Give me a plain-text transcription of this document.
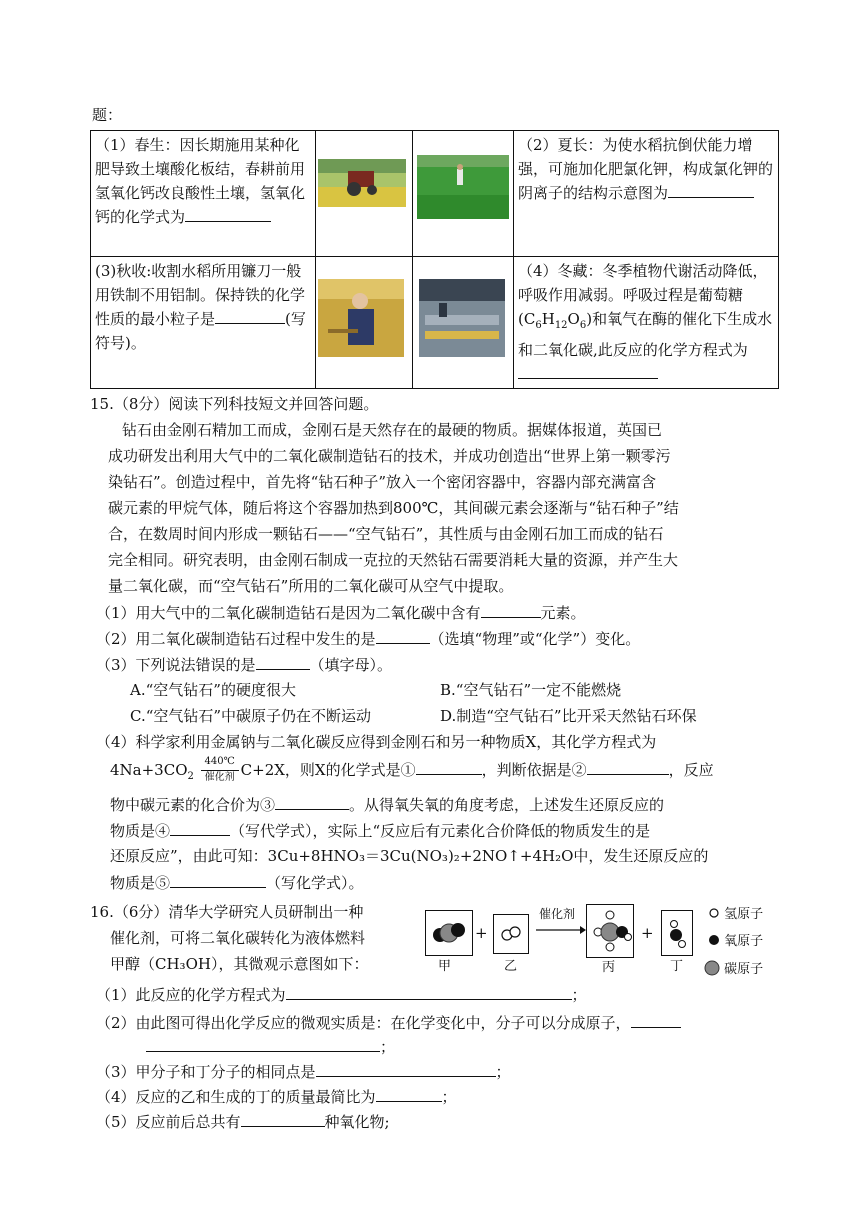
题：
（1）春生：因长期施用某种化肥导致土壤酸化板结，春耕前用氢氧化钙改良酸性土壤，氢氧化钙的化学式为			（2）夏长：为使水稻抗倒伏能力增强，可施加化肥氯化钾，构成氯化钾的阴离子的结构示意图为

(3)秋收:收割水稻所用镰刀一般用铁制不用铝制。保持铁的化学性质的最小粒子是 (写符号)。			（4）冬藏：冬季植物代谢活动降低，呼吸作用减弱。呼吸过程是葡萄糖$(C_6H_{12}O_6)$和氧气在酶的催化下生成水和二氧化碳,此反应的化学方程式为
15.（8分）阅读下列科技短文并回答问题。
钻石由金刚石精加工而成，金刚石是天然存在的最硬的物质。据媒体报道，英国已
成功研发出利用大气中的二氧化碳制造钻石的技术，并成功创造出“世界上第一颗零污
染钻石”。创造过程中，首先将“钻石种子”放入一个密闭容器中，容器内部充满富含
碳元素的甲烷气体，随后将这个容器加热到800℃，其间碳元素会逐渐与“钻石种子”结
合，在数周时间内形成一颗钻石——“空气钻石”，其性质与由金刚石加工而成的钻石
完全相同。研究表明，由金刚石制成一克拉的天然钻石需要消耗大量的资源，并产生大
量二氧化碳，而“空气钻石”所用的二氧化碳可从空气中提取。
（1）用大气中的二氧化碳制造钻石是因为二氧化碳中含有	元素。
（2）用二氧化碳制造钻石过程中发生的是	（选填“物理”或“化学”）变化。
（3）下列说法错误的是	（填字母）。
A.“空气钻石”的硬度很大	B.“空气钻石”一定不能燃烧
C.“空气钻石”中碳原子仍在不断运动	D.制造“空气钻石”比开采天然钻石环保
（4）科学家利用金属钠与二氧化碳反应得到金刚石和另一种物质X，其化学方程式为
$4Na+3CO_2$
440℃
催化剂 C+2X，则X的化学式是①	，判断依据是②	，反应
物中碳元素的化合价为③	。从得氧失氧的角度考虑，上述发生还原反应的
物质是④	（写代学式），实际上“反应后有元素化合价降低的物质发生的是
还原反应”，由此可知：3Cu+8HNO₃＝3Cu(NO₃)₂+2NO↑+4H₂O中，发生还原反应的
物质是⑤	（写化学式）。
16.（6分）清华大学研究人员研制出一种
催化剂，可将二氧化碳转化为液体燃料
甲醇（CH₃OH），其微观示意图如下：	甲
+
乙
催化剂
丙
+
丁
氢原子
氧原子
碳原子
（1）此反应的化学方程式为	；
（2）由此图可得出化学反应的微观实质是：在化学变化中，分子可以分成原子，
；
（3）甲分子和丁分子的相同点是	；
（4）反应的乙和生成的丁的质量最简比为	；
（5）反应前后总共有	种氧化物;
